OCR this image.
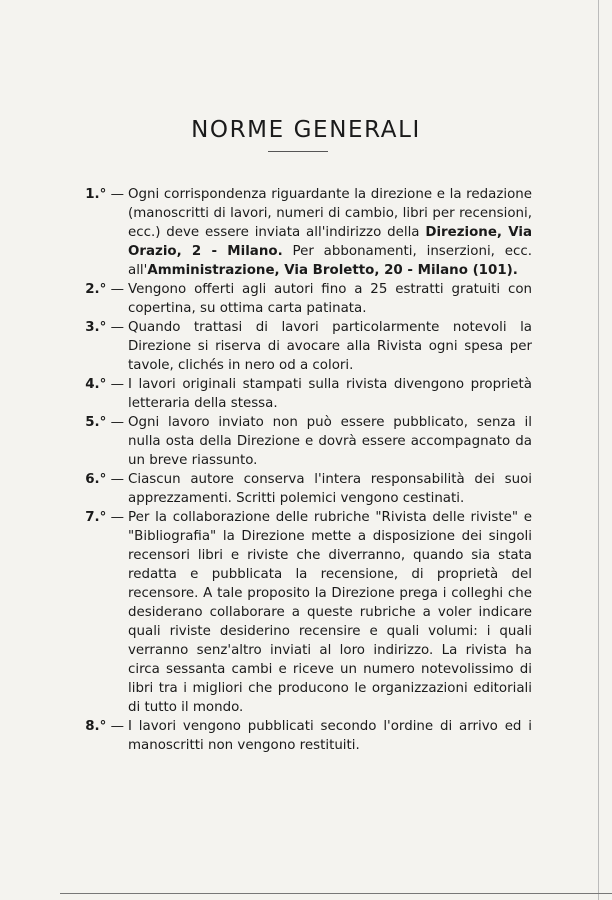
NORME GENERALI
1.° — Ogni corrispondenza riguardante la direzione e la redazione (manoscritti di lavori, numeri di cambio, libri per recensioni, ecc.) deve essere inviata all'indirizzo della Direzione, Via Orazio, 2 - Milano. Per abbonamenti, inserzioni, ecc. all'Amministrazione, Via Broletto, 20 - Milano (101).
2.° — Vengono offerti agli autori fino a 25 estratti gratuiti con copertina, su ottima carta patinata.
3.° — Quando trattasi di lavori particolarmente notevoli la Direzione si riserva di avocare alla Rivista ogni spesa per tavole, clichés in nero od a colori.
4.° — I lavori originali stampati sulla rivista divengono proprietà letteraria della stessa.
5.° — Ogni lavoro inviato non può essere pubblicato, senza il nulla osta della Direzione e dovrà essere accompagnato da un breve riassunto.
6.° — Ciascun autore conserva l'intera responsabilità dei suoi apprezzamenti. Scritti polemici vengono cestinati.
7.° — Per la collaborazione delle rubriche "Rivista delle riviste" e "Bibliografia" la Direzione mette a disposizione dei singoli recensori libri e riviste che diverranno, quando sia stata redatta e pubblicata la recensione, di proprietà del recensore. A tale proposito la Direzione prega i colleghi che desiderano collaborare a queste rubriche a voler indicare quali riviste desiderino recensire e quali volumi: i quali verranno senz'altro inviati al loro indirizzo. La rivista ha circa sessanta cambi e riceve un numero notevolissimo di libri tra i migliori che producono le organizzazioni editoriali di tutto il mondo.
8.° — I lavori vengono pubblicati secondo l'ordine di arrivo ed i manoscritti non vengono restituiti.
